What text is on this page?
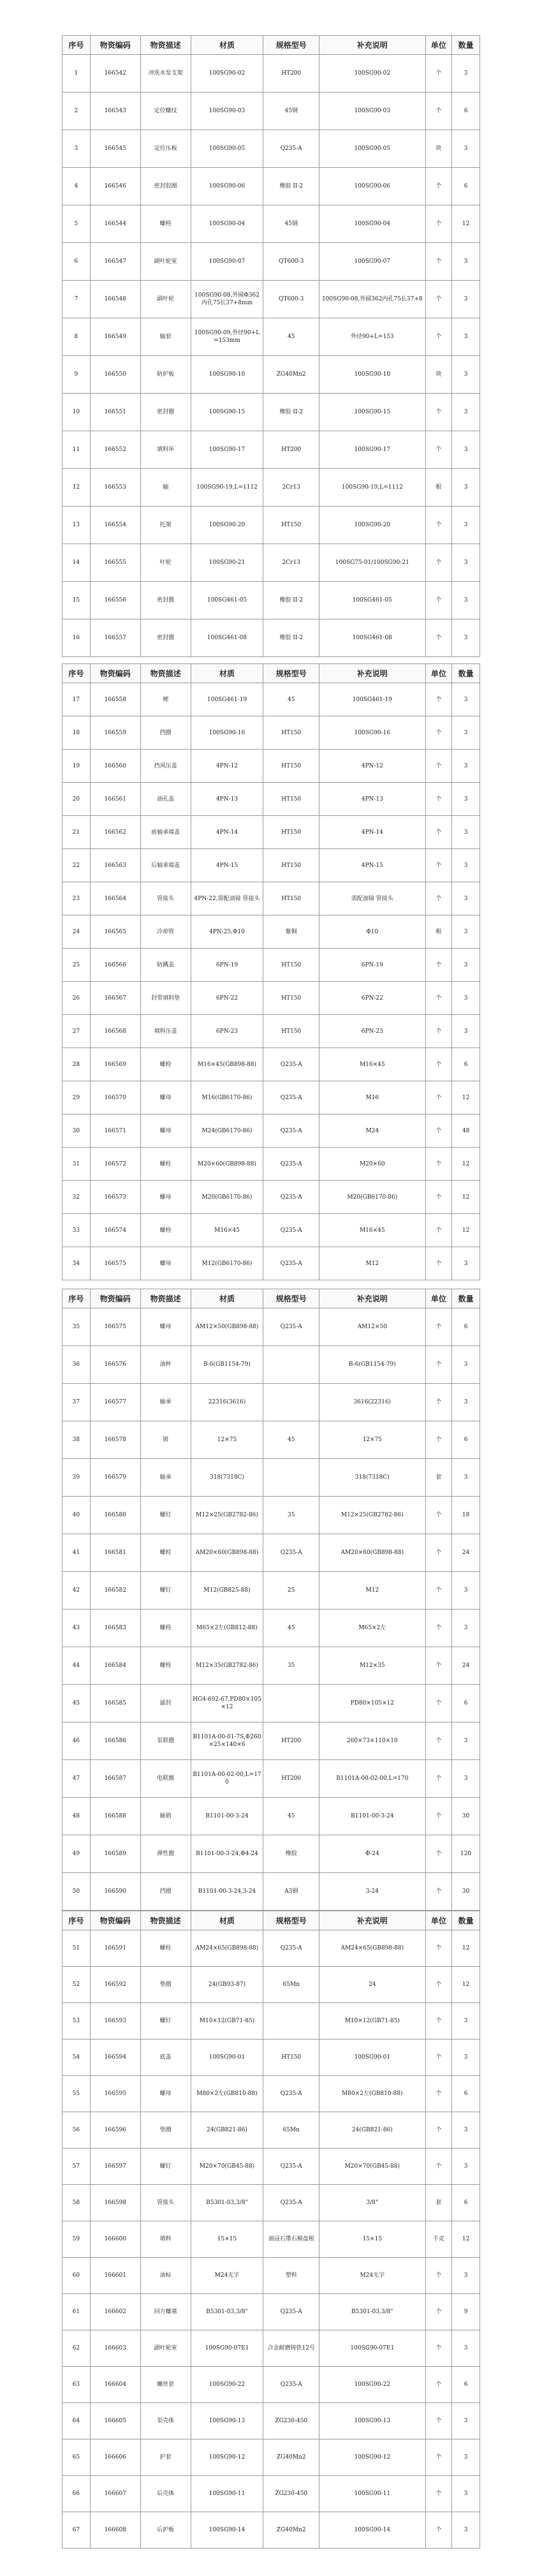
序号	物资编码	物资描述	材质	规格型号	补充说明	单位	数量
1	166542	冲洗水泵支架	100SG90-02	HT200	100SG90-02	个	3
2	166543	定位螺纹	100SG90-03	45钢	100SG90-03	个	6
3	166545	定位压板	100SG90-05	Q235-A	100SG90-05	块	3
4	166546	密封胶圈	100SG90-06	橡胶 II-2	100SG90-06	个	6
5	166544	螺栓	100SG90-04	45钢	100SG90-04	个	12
6	166547	副叶轮室	100SG90-07	QT600-3	100SG90-07	个	3
7	166548	副叶轮	100SG90-08,外圆Φ362内孔75长37+8mm	QT600-3	100SG90-08,外圆362内孔75长37+8	个	3
8	166549	轴套	100SG90-09,外径90+L=153mm	45	外径90+L=153	个	3
9	166550	防护板	100SG90-10	ZG40Mn2	100SG90-10	块	3
10	166551	密封圈	100SG90-15	橡胶 II-2	100SG90-15	个	3
11	166552	填料环	100SG90-17	HT200	100SG90-17	个	3
12	166553	轴	100SG90-19,L=1112	2Cr13	100SG90-19,L=1112	根	3
13	166554	托架	100SG90-20	HT150	100SG90-20	个	3
14	166555	叶轮	100SG90-21	2Cr13	100SG75-01/100SG90-21	个	3
15	166556	密封圈	100SG461-05	橡胶 II-2	100SG461-05	个	3
16	166557	密封圈	100SG461-08	橡胶 II-2	100SG461-08	个	3
序号	物资编码	物资描述	材质	规格型号	补充说明	单位	数量
17	166558	梗	100SG461-19	45	100SG461-19	个	3
18	166559	挡圈	100SG90-16	HT150	100SG90-16	个	3
19	166560	挡风压盖	4PN-12	HT150	4PN-12	个	3
20	166561	油孔盖	4PN-13	HT150	4PN-13	个	3
21	166562	前轴承端盖	4PN-14	HT150	4PN-14	个	3
22	166563	后轴承端盖	4PN-15	HT150	4PN-15	个	3
23	166564	管接头	4PN-22,需配油镜 管接头	HT150	需配油镜 管接头	个	3
24	166565	冷却管	4PN-25,Φ10	紫铜	Φ10	根	3
25	166566	防溅盖	6PN-19	HT150	6PN-19	个	3
26	166567	封带填料垫	6PN-22	HT150	6PN-22	个	3
27	166568	填料压盖	6PN-23	HT150	6PN-23	个	3
28	166569	螺栓	M16×45(GB898-88)	Q235-A	M16×45	个	6
29	166570	螺母	M16(GB6170-86)	Q235-A	M16	个	12
30	166571	螺母	M24(GB6170-86)	Q235-A	M24	个	48
31	166572	螺柱	M20×60(GB898-88)	Q235-A	M20×60	个	12
32	166573	螺母	M20(GB6170-86)	Q235-A	M20(GB6170-86)	个	12
33	166574	螺栓	M16×45	Q235-A	M16×45	个	12
34	166575	螺母	M12(GB6170-86)	Q235-A	M12	个	3
序号	物资编码	物资描述	材质	规格型号	补充说明	单位	数量
35	166575	螺母	AM12×50(GB898-88)	Q235-A	AM12×50	个	6
36	166576	油杯	B-6(GB1154-79)		B-6(GB1154-79)	个	3
37	166577	轴承	22316(3616)		3616(22316)	个	3
38	166578	销	12×75	45	12×75	个	6
39	166579	轴承	318(7318C)		318(7318C)	套	3
40	166580	螺钉	M12×25(GB2782-86)	35	M12×25(GB2782-86)	个	18
41	166581	螺柱	AM20×60(GB898-88)	Q235-A	AM20×60(GB898-88)	个	24
42	166582	螺钉	M12(GB825-88)	25	M12	个	3
43	166583	螺栓	M65×2左(GB812-88)	45	M65×2左	个	3
44	166584	螺栓	M12×35(GB2782-86)	35	M12×35	个	24
45	166585	滤封	HG4-692-67,PD80×105×12		PD80×105×12	个	6
46	166586	泵联圈	B1101A-00-01-7S,Φ260×25×140×6	HT200	260×73×110×10	个	3
47	166587	电联圈	B1101A-00-02-00,L=170	HT200	B1101A-00-02-00,L=170	个	3
48	166588	轴销	B1101-00-3-24	45	B1101-00-3-24	个	30
49	166589	弹性圈	B1101-00-3-24,Φ4-24	橡胶	Φ-24	个	120
50	166590	挡圈	B1101-00-3-24,3-24	A3钢	3-24	个	30
序号	物资编码	物资描述	材质	规格型号	补充说明	单位	数量
51	166591	螺柱	AM24×65(GB898-88)	Q235-A	AM24×65(GB898-88)	个	12
52	166592	垫圈	24(GB93-87)	65Mn	24	个	12
53	166593	螺钉	M10×12(GB71-85)		M10×12(GB71-85)	个	3
54	166594	底盖	100SG90-01	HT150	100SG90-01	个	3
55	166595	螺母	M80×2左(GB810-88)	Q235-A	M80×2左(GB810-88)	个	6
56	166596	垫圈	24(GB821-86)	65Mn	24(GB821-86)	个	3
57	166597	螺钉	M20×70(GB45-88)	Q235-A	M20×70(GB45-88)	个	3
58	166598	管接头	B5301-03,3/8"	Q235-A	3/8"	套	6
59	166600	填料	15×15	油浸石墨石棉盘根	15×15	千克	12
60	166601	油标	M24无字	塑料	M24无字	个	3
61	166602	回方螺塞	B5301-03,3/8"	Q235-A	B5301-03,3/8"	个	9
62	166603	副叶轮室	100SG90-07E1	合金耐磨铸铁12号	100SG90-07E1	个	3
63	166604	螺丝套	100SG90-22	Q235-A	100SG90-22	个	6
64	166605	泵壳体	100SG90-13	ZG230-450	100SG90-13	个	3
65	166606	护套	100SG90-12	ZG40Mn2	100SG90-12	个	3
66	166607	后壳体	100SG90-11	ZG230-450	100SG90-11	个	3
67	166608	后护板	100SG90-14	ZG40Mn2	100SG90-14	个	3
